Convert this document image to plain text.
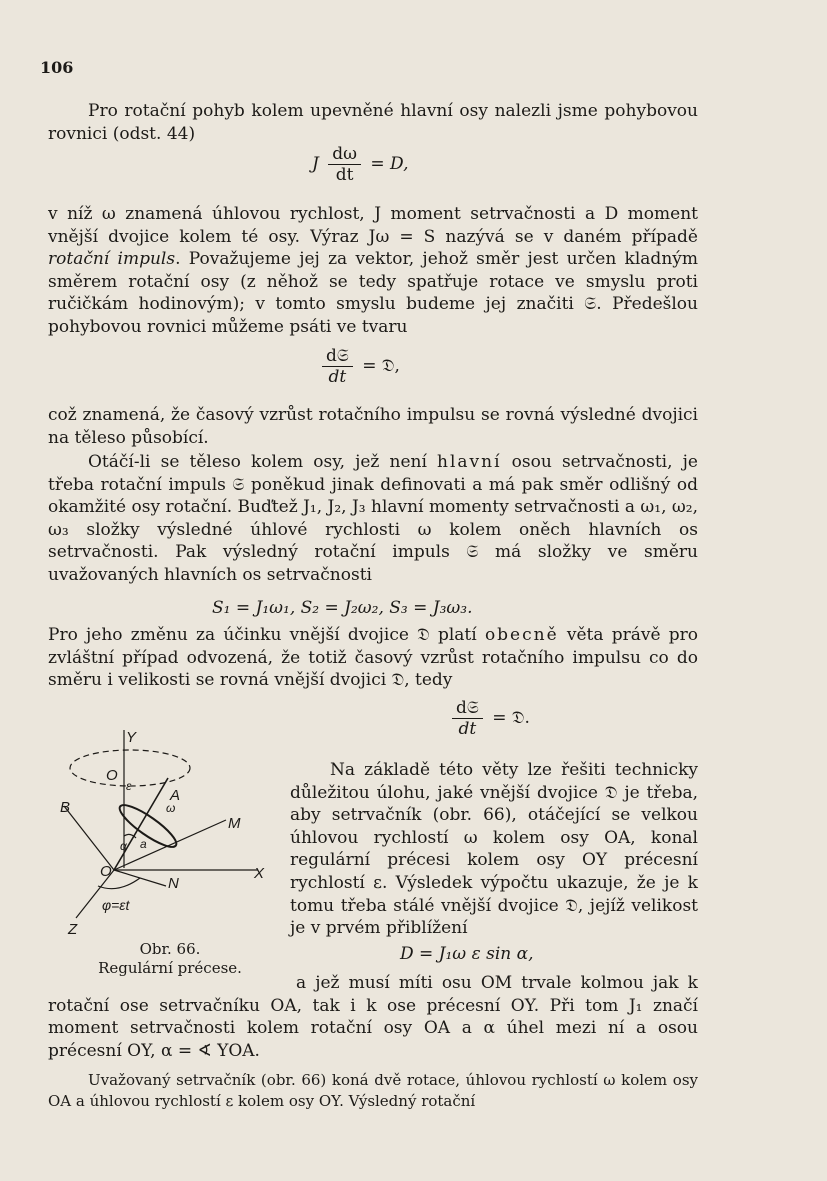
106

Pro rotační pohyb kolem upevněné hlavní osy nalezli jsme pohybovou rovnici (odst. 44)

J $\frac{d\omega}{dt} = D$,

v níž ω znamená úhlovou rychlost, J moment setrvačnosti a D moment vnější dvojice kolem té osy. Výraz Jω = S nazývá se v daném případě rotační impuls. Považujeme jej za vektor, jehož směr jest určen kladným směrem rotační osy (z něhož se tedy spatřuje rotace ve smyslu proti ručičkám hodinovým); v tomto smyslu budeme jej značiti 𝔖. Předešlou pohybovou rovnici můžeme psáti ve tvaru

$\frac{\text{d𝔖}}{dt}$ = 𝔇,

což znamená, že časový vzrůst rotačního impulsu se rovná výsledné dvojici na těleso působící.

Otáčí-li se těleso kolem osy, jež není hlavní osou setrvačnosti, je třeba rotační impuls 𝔖 poněkud jinak definovati a má pak směr odlišný od okamžité osy rotační. Buďtež J₁, J₂, J₃ hlavní momenty setrvačnosti a ω₁, ω₂, ω₃ složky výsledné úhlové rychlosti ω kolem oněch hlavních os setrvačnosti. Pak výsledný rotační impuls 𝔖 má složky ve směru uvažovaných hlavních os setrvačnosti

S₁ = J₁ω₁, S₂ = J₂ω₂, S₃ = J₃ω₃.

Pro jeho změnu za účinku vnější dvojice 𝔇 platí obecně věta právě pro zvláštní případ odvozená, že totiž časový vzrůst rotačního impulsu co do směru i velikosti se rovná vnější dvojici 𝔇, tedy

$\frac{\text{d𝔖}}{dt}$ = 𝔇.
Y
O
ε
A
ω
B
M
α a
O
N
X
φ=εt
Z
Obr. 66.
Regulární précese.

Na základě této věty lze řešiti technicky důležitou úlohu, jaké vnější dvojice 𝔇 je třeba, aby setrvačník (obr. 66), otáčející se velkou úhlovou rychlostí ω kolem osy OA, konal regulární précesi kolem osy OY précesní rychlostí ε. Výsledek výpočtu ukazuje, že je k tomu třeba stálé vnější dvojice 𝔇, jejíž velikost je v prvém přiblížení

D = J₁ω ε sin α,

a jež musí míti osu OM trvale kolmou jak k rotační ose setrvačníku OA, tak i k ose précesní OY. Při tom J₁ značí moment setrvačnosti kolem rotační osy OA a α úhel mezi ní a osou précesní OY, α = ∢ YOA.

Uvažovaný setrvačník (obr. 66) koná dvě rotace, úhlovou rychlostí ω kolem osy OA a úhlovou rychlostí ε kolem osy OY. Výsledný rotační
